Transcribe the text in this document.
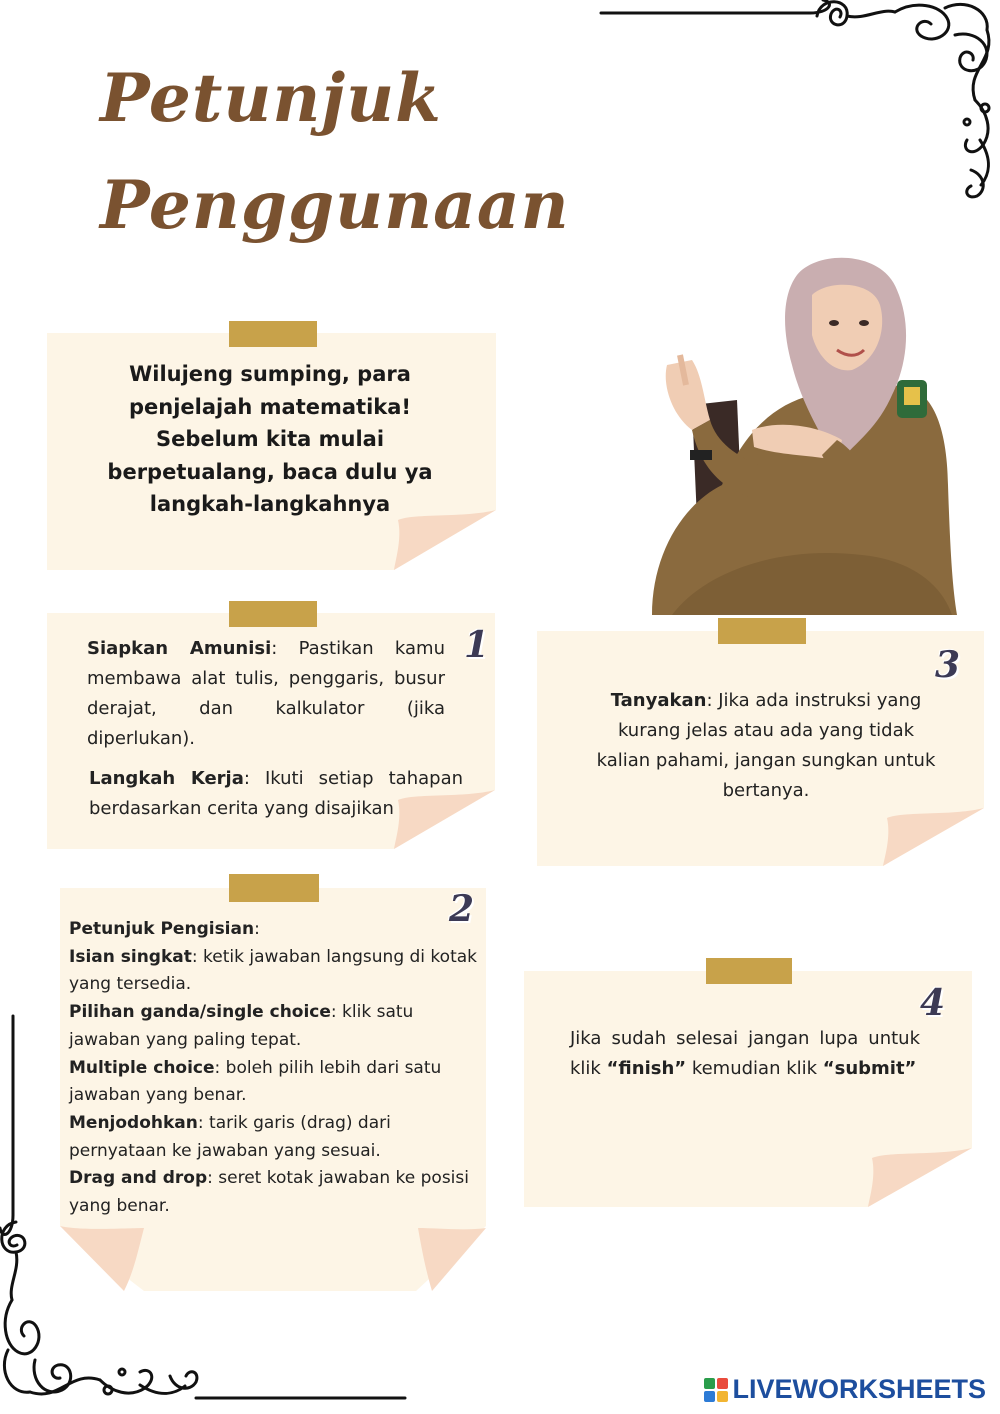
Petunjuk
Penggunaan
Wilujeng sumping, para penjelajah matematika! Sebelum kita mulai berpetualang, baca dulu ya langkah-langkahnya
1
Siapkan Amunisi: Pastikan kamu membawa alat tulis, penggaris, busur derajat, dan kalkulator (jika diperlukan).
Langkah Kerja: Ikuti setiap tahapan berdasarkan cerita yang disajikan
3
Tanyakan: Jika ada instruksi yang kurang jelas atau ada yang tidak kalian pahami, jangan sungkan untuk bertanya.
2
Petunjuk Pengisian:
Isian singkat: ketik jawaban langsung di kotak yang tersedia.
Pilihan ganda/single choice: klik satu jawaban yang paling tepat.
Multiple choice: boleh pilih lebih dari satu jawaban yang benar.
Menjodohkan: tarik garis (drag) dari pernyataan ke jawaban yang sesuai.
Drag and drop: seret kotak jawaban ke posisi yang benar.
4
Jika sudah selesai jangan lupa untuk klik “finish” kemudian klik “submit”
LIVEWORKSHEETS
